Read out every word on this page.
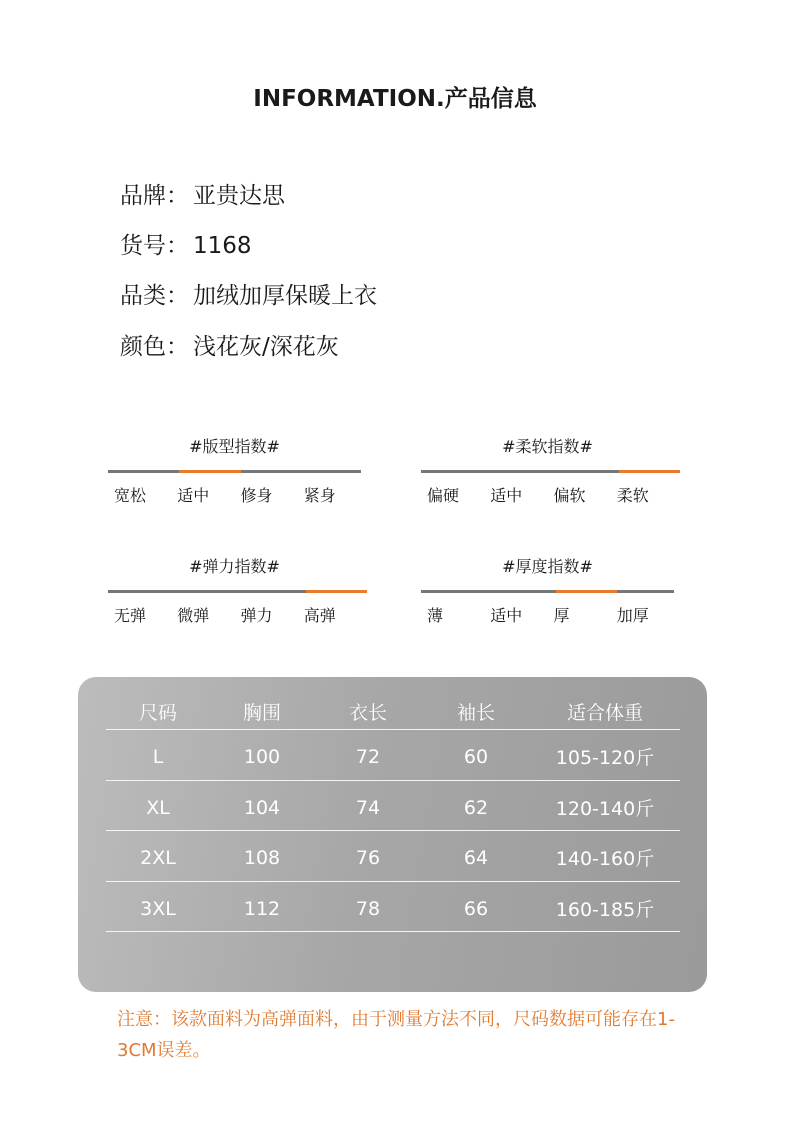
INFORMATION.产品信息
品牌： 亚贵达思
货号： 1168
品类： 加绒加厚保暖上衣
颜色： 浅花灰/深花灰
#版型指数#
宽松	适中	修身	紧身
#柔软指数#
偏硬	适中	偏软	柔软
#弹力指数#
无弹	微弹	弹力	高弹
#厚度指数#
薄	适中	厚	加厚
尺码	胸围	衣长	袖长	适合体重
L	100	72	60	105-120斤
XL	104	74	62	120-140斤
2XL	108	76	64	140-160斤
3XL	112	78	66	160-185斤
注意：该款面料为高弹面料，由于测量方法不同，尺码数据可能存在1-3CM误差。
